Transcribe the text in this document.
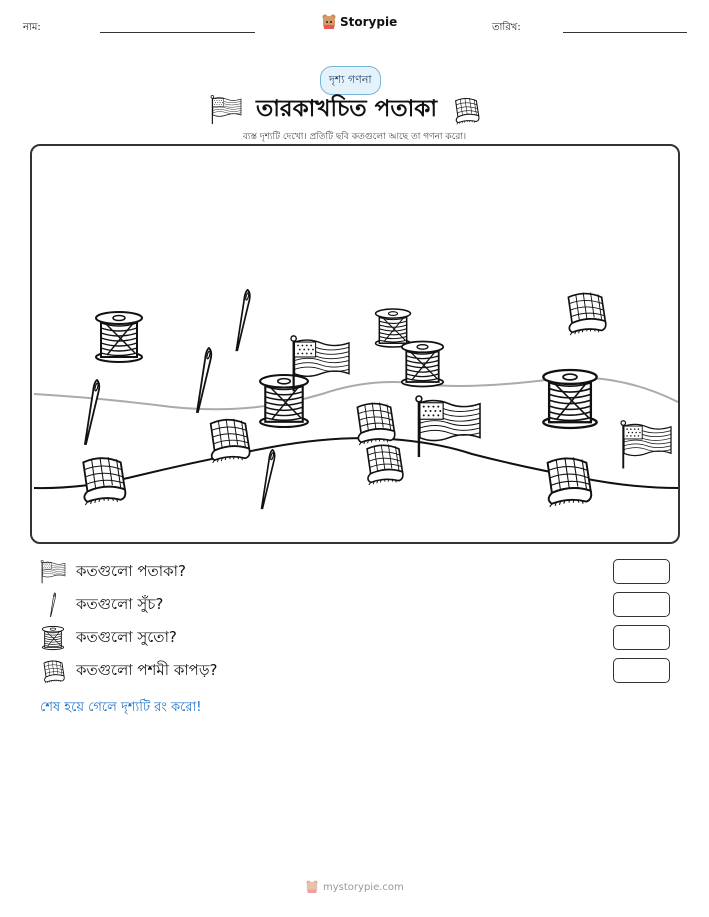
নাম:	Storypie	তারিখ:
দৃশ্য গণনা
তারকাখচিত পতাকা
ব্যস্ত দৃশ্যটি দেখো। প্রতিটি ছবি কতগুলো আছে তা গণনা করো।
কতগুলো পতাকা?
কতগুলো সুঁচ?
কতগুলো সুতো?
কতগুলো পশমী কাপড়?
শেষ হয়ে গেলে দৃশ্যটি রং করো!
mystorypie.com
